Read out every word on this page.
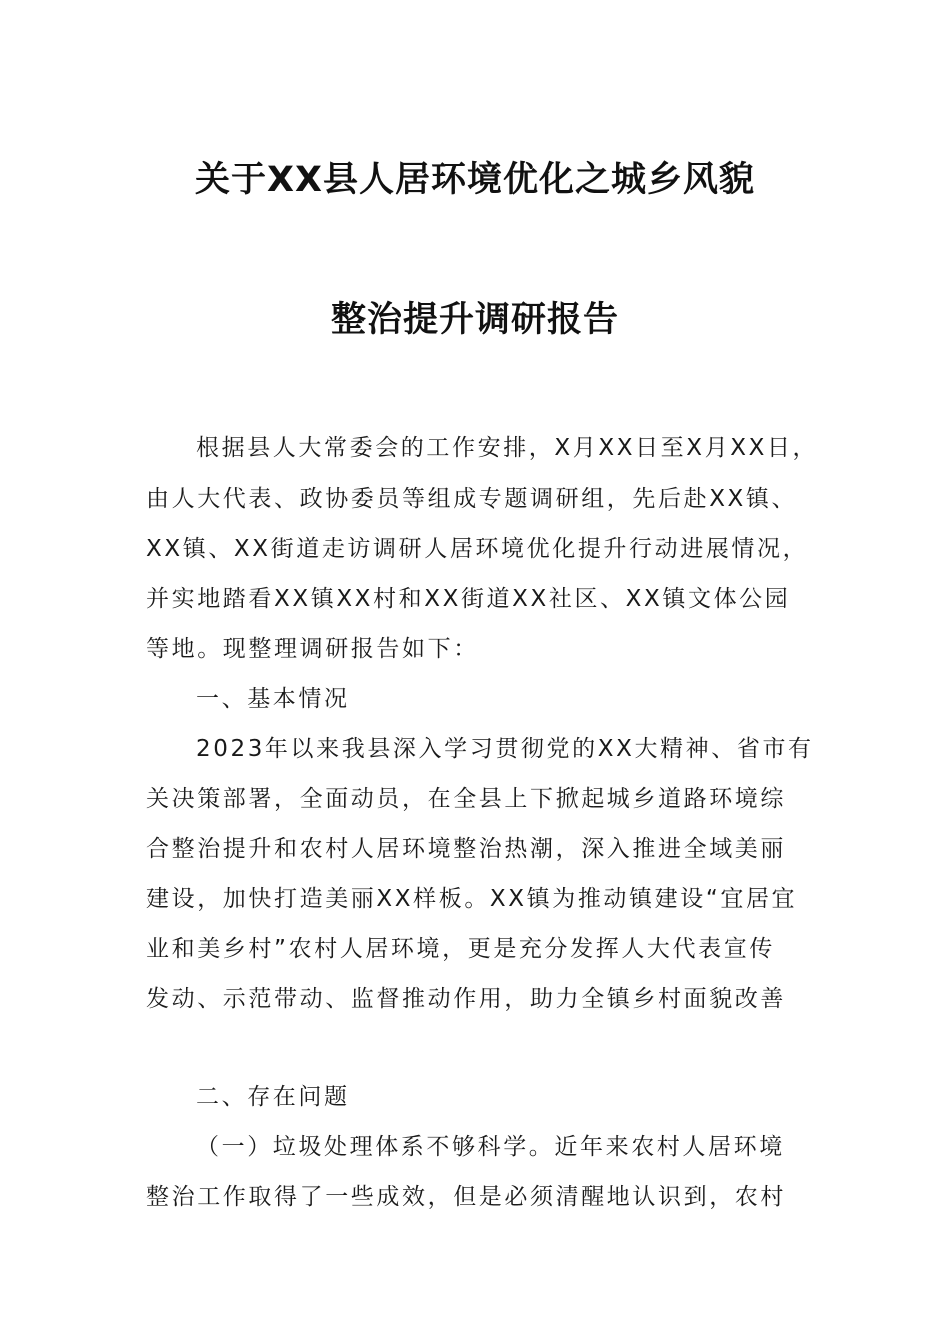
关于XX县人居环境优化之城乡风貌
整治提升调研报告
根据县人大常委会的工作安排，X月XX日至X月XX日，
由人大代表、政协委员等组成专题调研组，先后赴XX镇、
XX镇、XX街道走访调研人居环境优化提升行动进展情况，
并实地踏看XX镇XX村和XX街道XX社区、XX镇文体公园
等地。现整理调研报告如下：
一、基本情况
2023年以来我县深入学习贯彻党的XX大精神、省市有
关决策部署，全面动员，在全县上下掀起城乡道路环境综
合整治提升和农村人居环境整治热潮，深入推进全域美丽
建设，加快打造美丽XX样板。XX镇为推动镇建设“宜居宜
业和美乡村”农村人居环境，更是充分发挥人大代表宣传
发动、示范带动、监督推动作用，助力全镇乡村面貌改善
二、存在问题
（一）垃圾处理体系不够科学。近年来农村人居环境
整治工作取得了一些成效，但是必须清醒地认识到，农村
